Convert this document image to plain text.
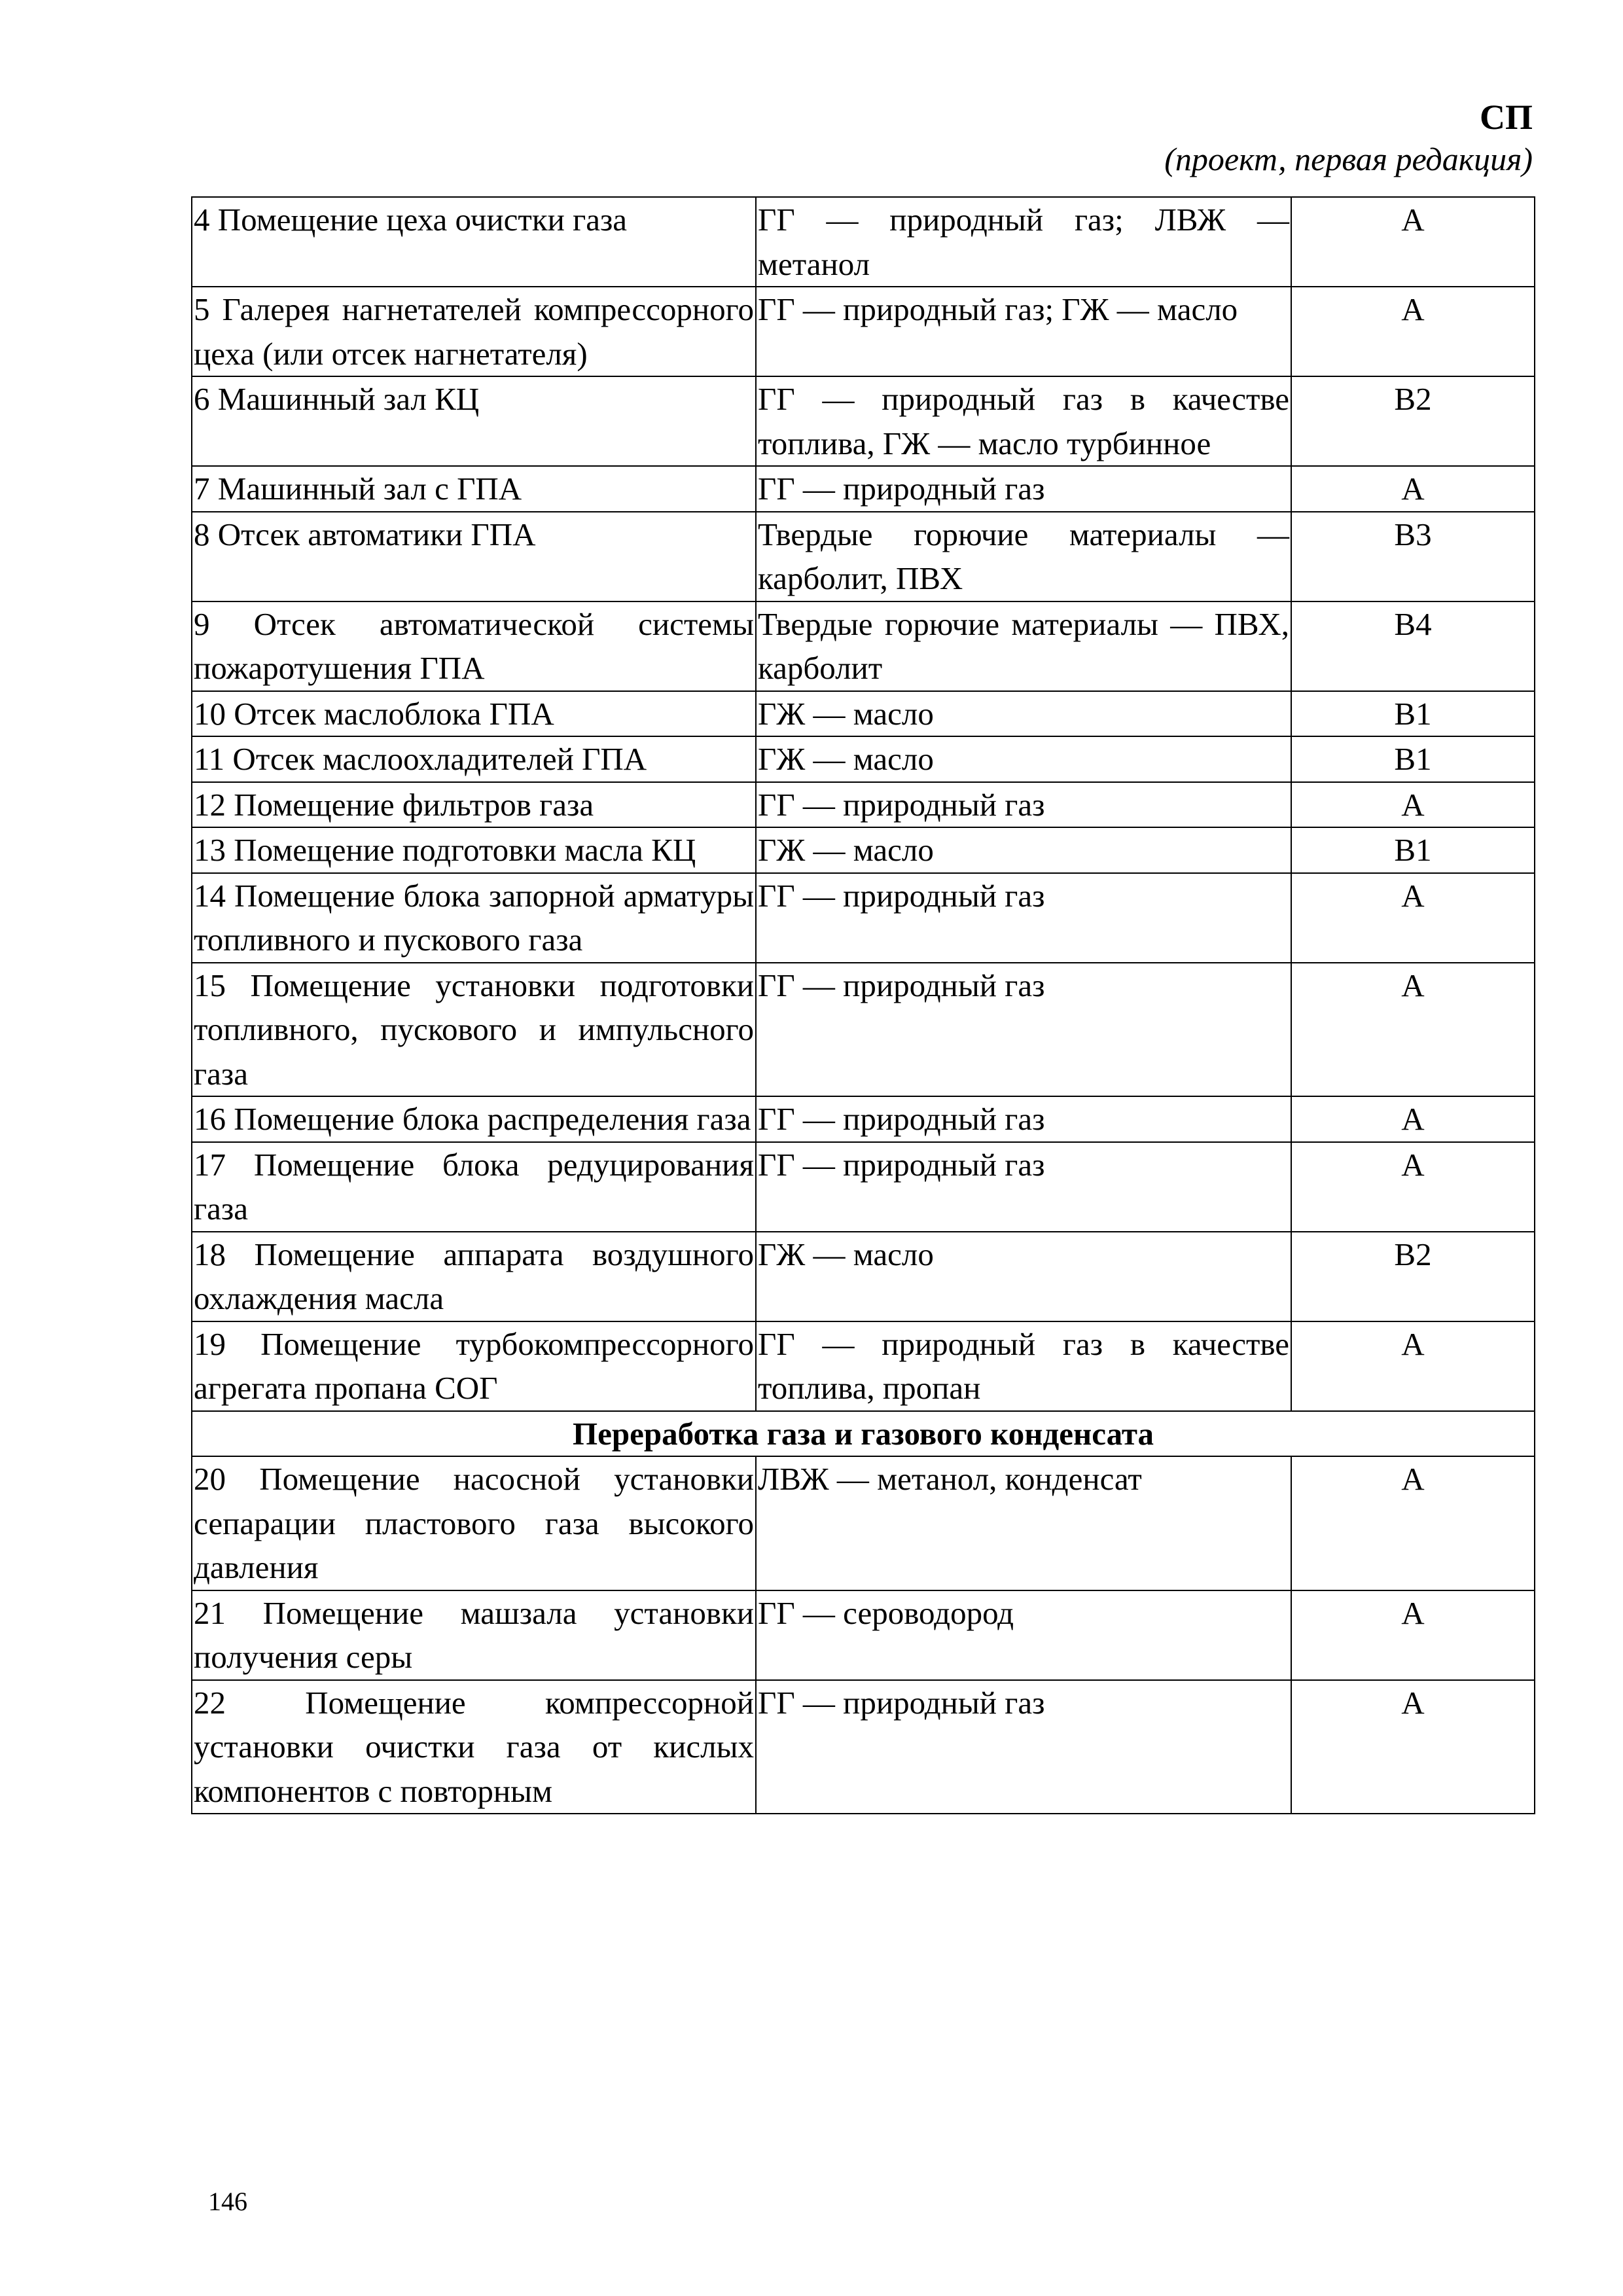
СП
(проект, первая редакция)
4 Помещение цеха очистки газа	ГГ — природный газ; ЛВЖ — метанол	А
5 Галерея нагнетателей компрессорного цеха (или отсек нагнетателя)	ГГ — природный газ; ГЖ — масло	А
6 Машинный зал КЦ	ГГ — природный газ в качестве топлива, ГЖ — масло турбинное	В2
7 Машинный зал с ГПА	ГГ — природный газ	А
8 Отсек автоматики ГПА	Твердые горючие материалы — карболит, ПВХ	В3
9 Отсек автоматической системы пожаротушения ГПА	Твердые горючие материалы — ПВХ, карболит	В4
10 Отсек маслоблока ГПА	ГЖ — масло	В1
11 Отсек маслоохладителей ГПА	ГЖ — масло	В1
12 Помещение фильтров газа	ГГ — природный газ	А
13 Помещение подготовки масла КЦ	ГЖ — масло	В1
14 Помещение блока запорной арматуры топливного и пускового газа	ГГ — природный газ	А
15 Помещение установки подготовки топливного, пускового и импульсного газа	ГГ — природный газ	А
16 Помещение блока распределения газа	ГГ — природный газ	А
17 Помещение блока редуцирования газа	ГГ — природный газ	А
18 Помещение аппарата воздушного охлаждения масла	ГЖ — масло	В2
19 Помещение турбокомпрессорного агрегата пропана СОГ	ГГ — природный газ в качестве топлива, пропан	А
Переработка газа и газового конденсата		
20 Помещение насосной установки сепарации пластового газа высокого давления	ЛВЖ — метанол, конденсат	А
21 Помещение машзала установки получения серы	ГГ — сероводород	А
22 Помещение компрессорной установки очистки газа от кислых компонентов с повторным	ГГ — природный газ	А
146
